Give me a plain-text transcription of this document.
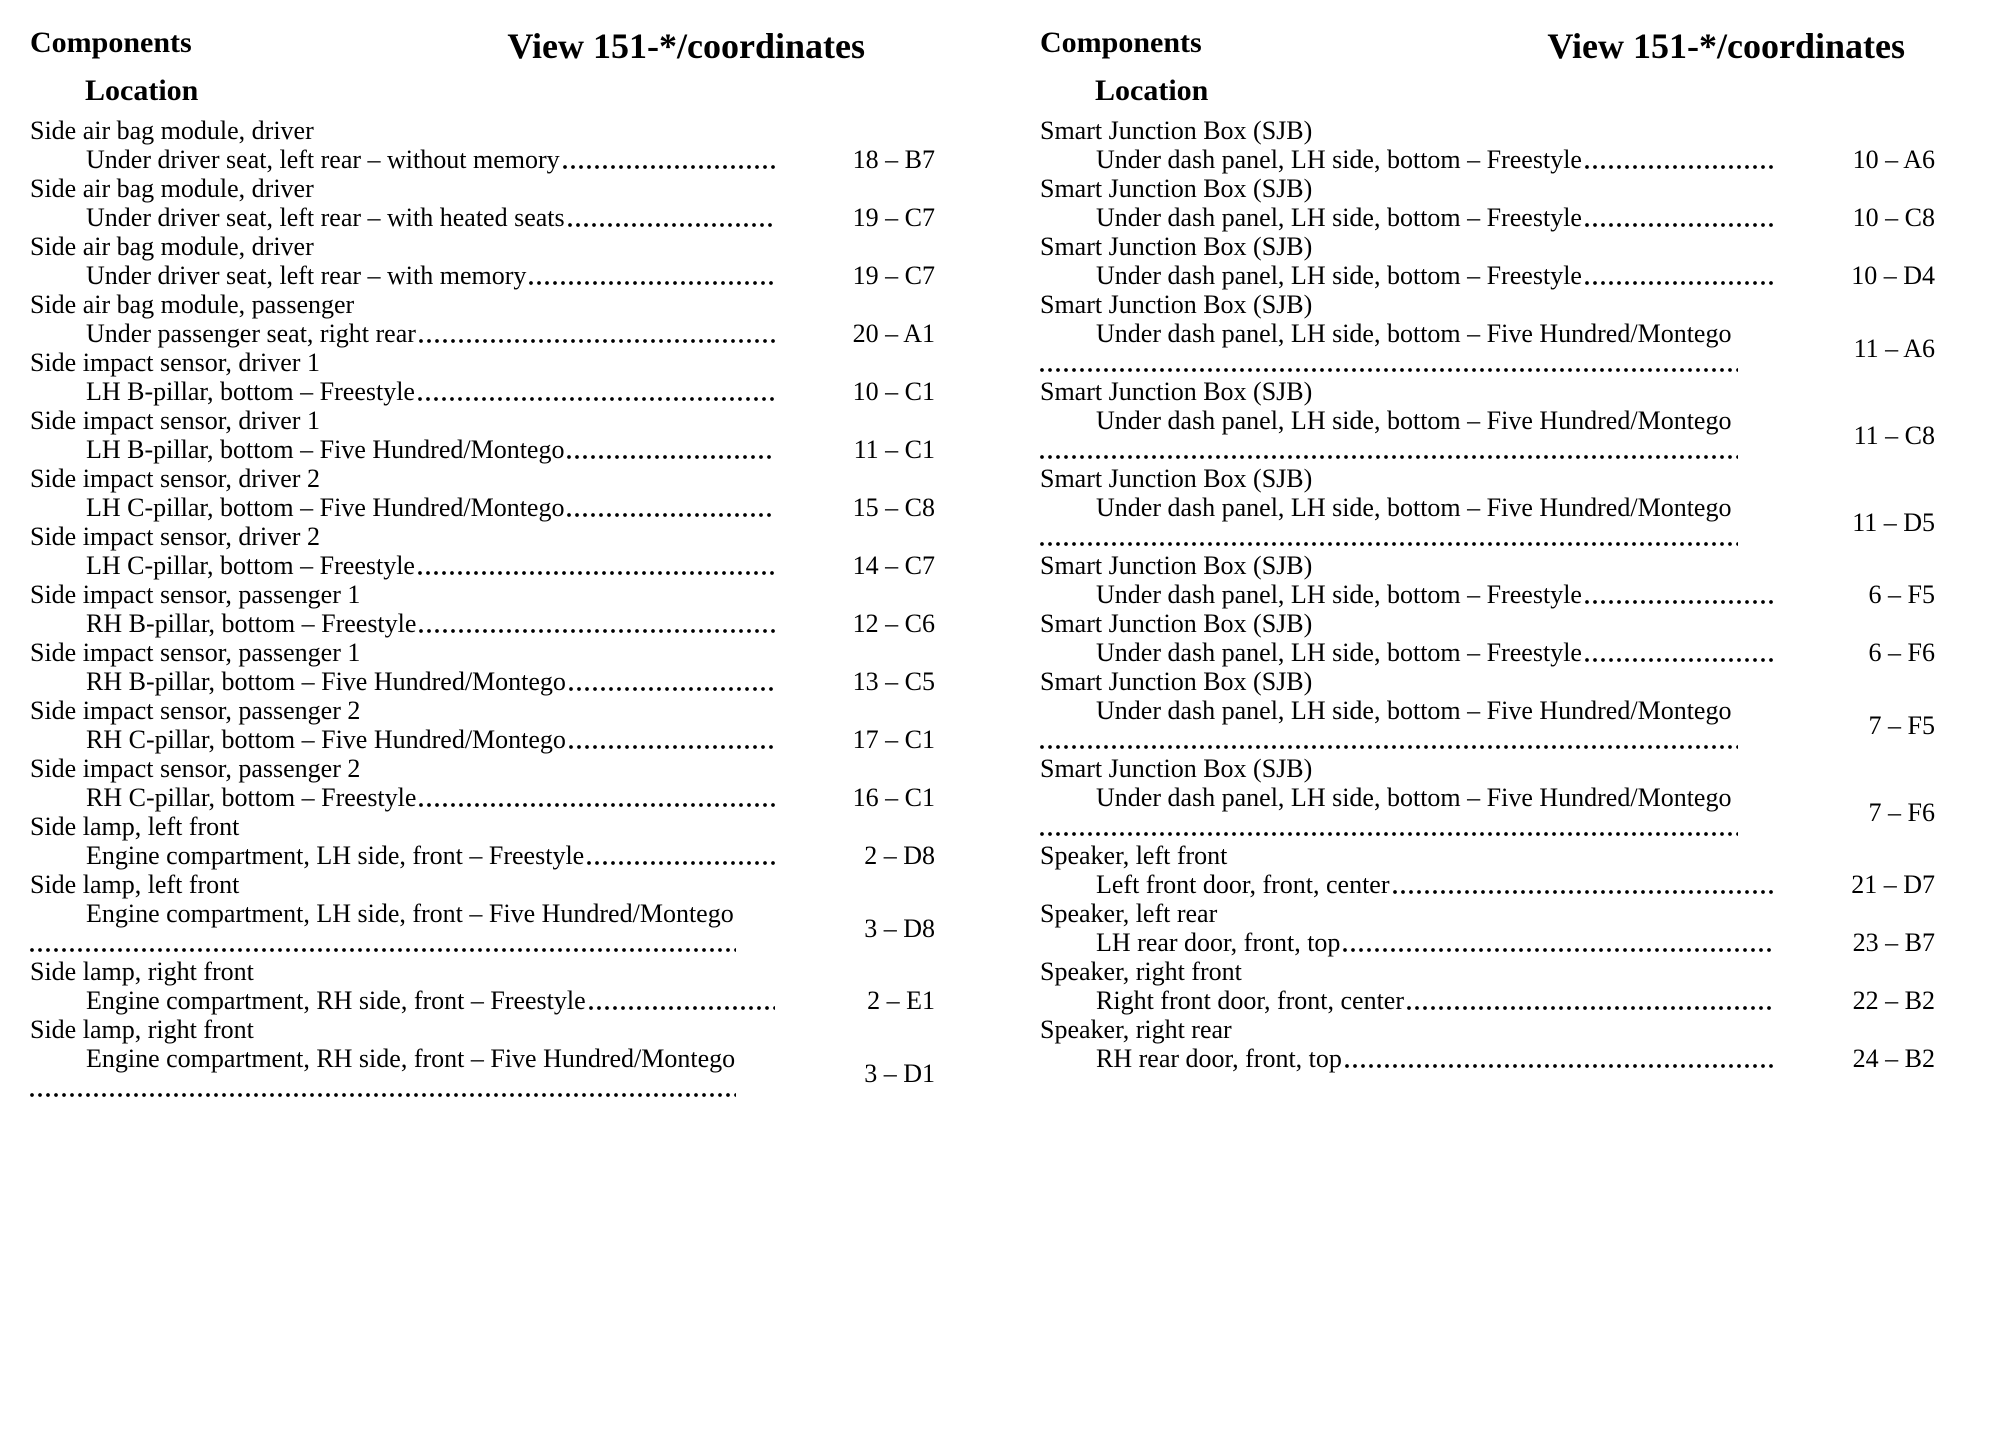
Components	View 151-*/coordinates
Location
Side air bag module, driver
Under driver seat, left rear – without memory	18 – B7
Side air bag module, driver
Under driver seat, left rear – with heated seats	19 – C7
Side air bag module, driver
Under driver seat, left rear – with memory	19 – C7
Side air bag module, passenger
Under passenger seat, right rear	20 – A1
Side impact sensor, driver 1
LH B-pillar, bottom – Freestyle	10 – C1
Side impact sensor, driver 1
LH B-pillar, bottom – Five Hundred/Montego	11 – C1
Side impact sensor, driver 2
LH C-pillar, bottom – Five Hundred/Montego	15 – C8
Side impact sensor, driver 2
LH C-pillar, bottom – Freestyle	14 – C7
Side impact sensor, passenger 1
RH B-pillar, bottom – Freestyle	12 – C6
Side impact sensor, passenger 1
RH B-pillar, bottom – Five Hundred/Montego	13 – C5
Side impact sensor, passenger 2
RH C-pillar, bottom – Five Hundred/Montego	17 – C1
Side impact sensor, passenger 2
RH C-pillar, bottom – Freestyle	16 – C1
Side lamp, left front
Engine compartment, LH side, front – Freestyle	2 – D8
Side lamp, left front
Engine compartment, LH side, front – Five Hundred/Montego
3 – D8
Side lamp, right front
Engine compartment, RH side, front – Freestyle	2 – E1
Side lamp, right front
Engine compartment, RH side, front – Five Hundred/Montego
3 – D1
Components	View 151-*/coordinates
Location
Smart Junction Box (SJB)
Under dash panel, LH side, bottom – Freestyle	10 – A6
Smart Junction Box (SJB)
Under dash panel, LH side, bottom – Freestyle	10 – C8
Smart Junction Box (SJB)
Under dash panel, LH side, bottom – Freestyle	10 – D4
Smart Junction Box (SJB)
Under dash panel, LH side, bottom – Five Hundred/Montego
11 – A6
Smart Junction Box (SJB)
Under dash panel, LH side, bottom – Five Hundred/Montego
11 – C8
Smart Junction Box (SJB)
Under dash panel, LH side, bottom – Five Hundred/Montego
11 – D5
Smart Junction Box (SJB)
Under dash panel, LH side, bottom – Freestyle	6 – F5
Smart Junction Box (SJB)
Under dash panel, LH side, bottom – Freestyle	6 – F6
Smart Junction Box (SJB)
Under dash panel, LH side, bottom – Five Hundred/Montego
7 – F5
Smart Junction Box (SJB)
Under dash panel, LH side, bottom – Five Hundred/Montego
7 – F6
Speaker, left front
Left front door, front, center	21 – D7
Speaker, left rear
LH rear door, front, top	23 – B7
Speaker, right front
Right front door, front, center	22 – B2
Speaker, right rear
RH rear door, front, top	24 – B2
